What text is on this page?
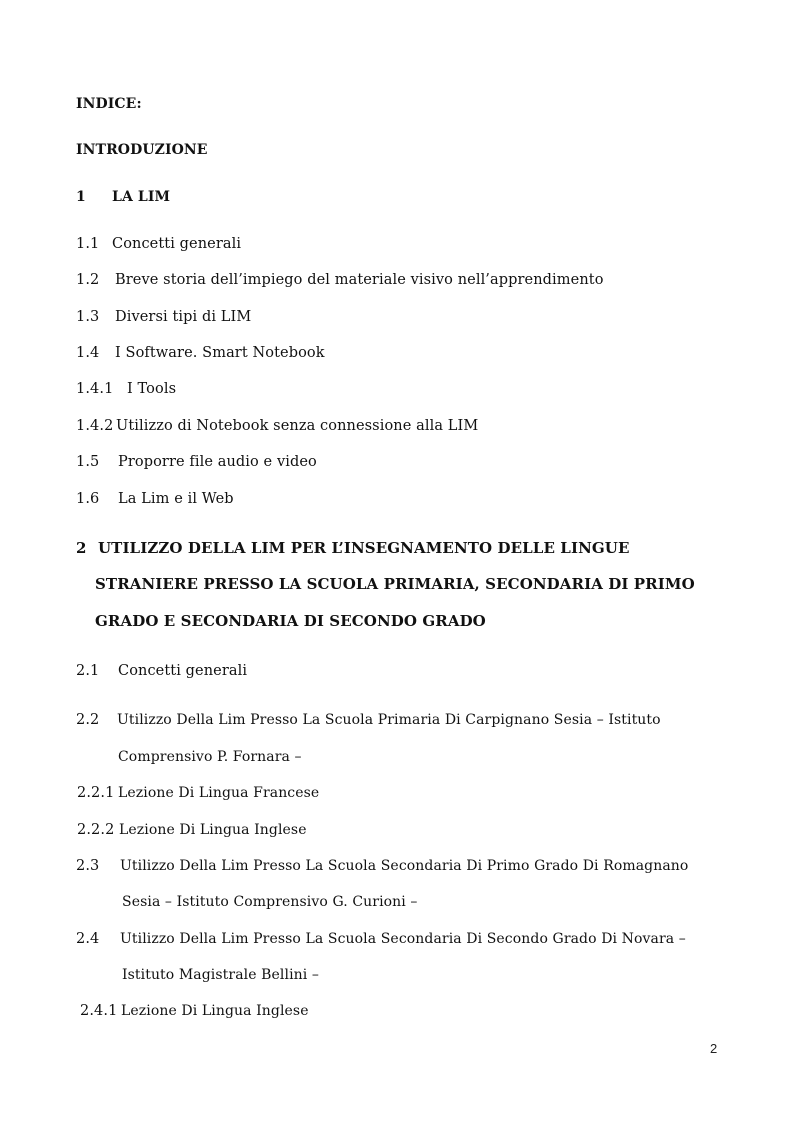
INDICE:
INTRODUZIONE
1 LA LIM
1.1 Concetti generali
1.2 Breve storia dell’impiego del materiale visivo nell’apprendimento
1.3 Diversi tipi di LIM
1.4 I Software. Smart Notebook
1.4.1 I Tools
1.4.2 Utilizzo di Notebook senza connessione alla LIM
1.5 Proporre file audio e video
1.6 La Lim e il Web
2 UTILIZZO DELLA LIM PER L’INSEGNAMENTO DELLE LINGUE
STRANIERE PRESSO LA SCUOLA PRIMARIA, SECONDARIA DI PRIMO
GRADO E SECONDARIA DI SECONDO GRADO
2.1 Concetti generali
2.2 Utilizzo Della Lim Presso La Scuola Primaria Di Carpignano Sesia – Istituto
Comprensivo P. Fornara –
2.2.1 Lezione Di Lingua Francese
2.2.2 Lezione Di Lingua Inglese
2.3 Utilizzo Della Lim Presso La Scuola Secondaria Di Primo Grado Di Romagnano
Sesia – Istituto Comprensivo G. Curioni –
2.4 Utilizzo Della Lim Presso La Scuola Secondaria Di Secondo Grado Di Novara –
Istituto Magistrale Bellini –
2.4.1 Lezione Di Lingua Inglese
2
